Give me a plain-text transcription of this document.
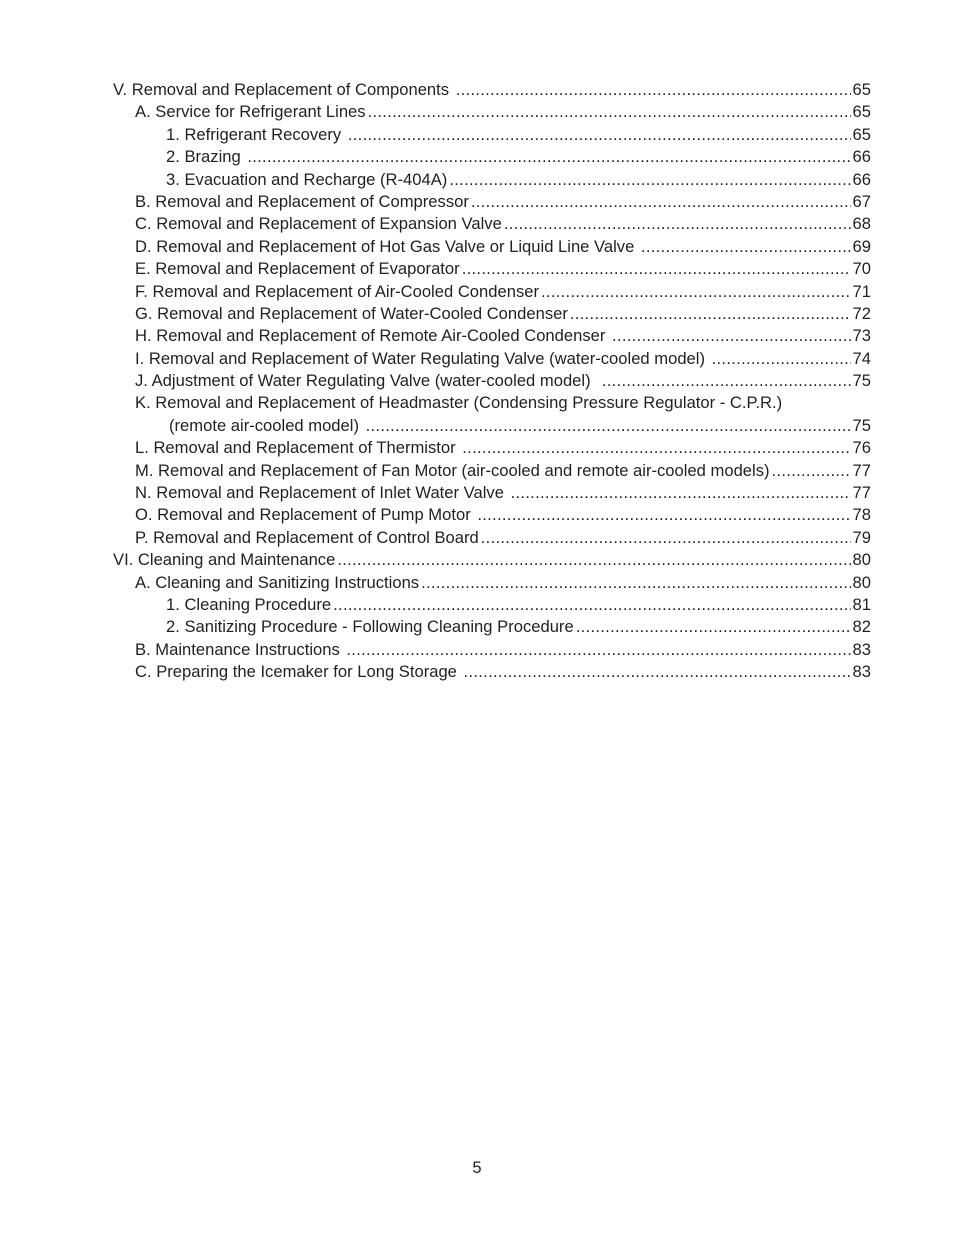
V. Removal and Replacement of Components .....	65
A. Service for Refrigerant Lines .....	65
1. Refrigerant Recovery .....	65
2. Brazing .....	66
3. Evacuation and Recharge (R-404A) .....	66
B. Removal and Replacement of Compressor .....	67
C. Removal and Replacement of Expansion Valve .....	68
D. Removal and Replacement of Hot Gas Valve or Liquid Line Valve .....	69
E. Removal and Replacement of Evaporator .....	70
F. Removal and Replacement of Air-Cooled Condenser .....	71
G. Removal and Replacement of Water-Cooled Condenser .....	72
H. Removal and Replacement of Remote Air-Cooled Condenser .....	73
I. Removal and Replacement of Water Regulating Valve (water-cooled model) .....	74
J. Adjustment of Water Regulating Valve (water-cooled model) .....	75
K. Removal and Replacement of Headmaster (Condensing Pressure Regulator - C.P.R.)
(remote air-cooled model) .....	75
L. Removal and Replacement of Thermistor .....	76
M. Removal and Replacement of Fan Motor (air-cooled and remote air-cooled models) .....	77
N. Removal and Replacement of Inlet Water Valve .....	77
O. Removal and Replacement of Pump Motor .....	78
P. Removal and Replacement of Control Board .....	79
VI. Cleaning and Maintenance .....	80
A. Cleaning and Sanitizing Instructions .....	80
1. Cleaning Procedure .....	81
2. Sanitizing Procedure - Following Cleaning Procedure .....	82
B. Maintenance Instructions .....	83
C. Preparing the Icemaker for Long Storage .....	83
5
